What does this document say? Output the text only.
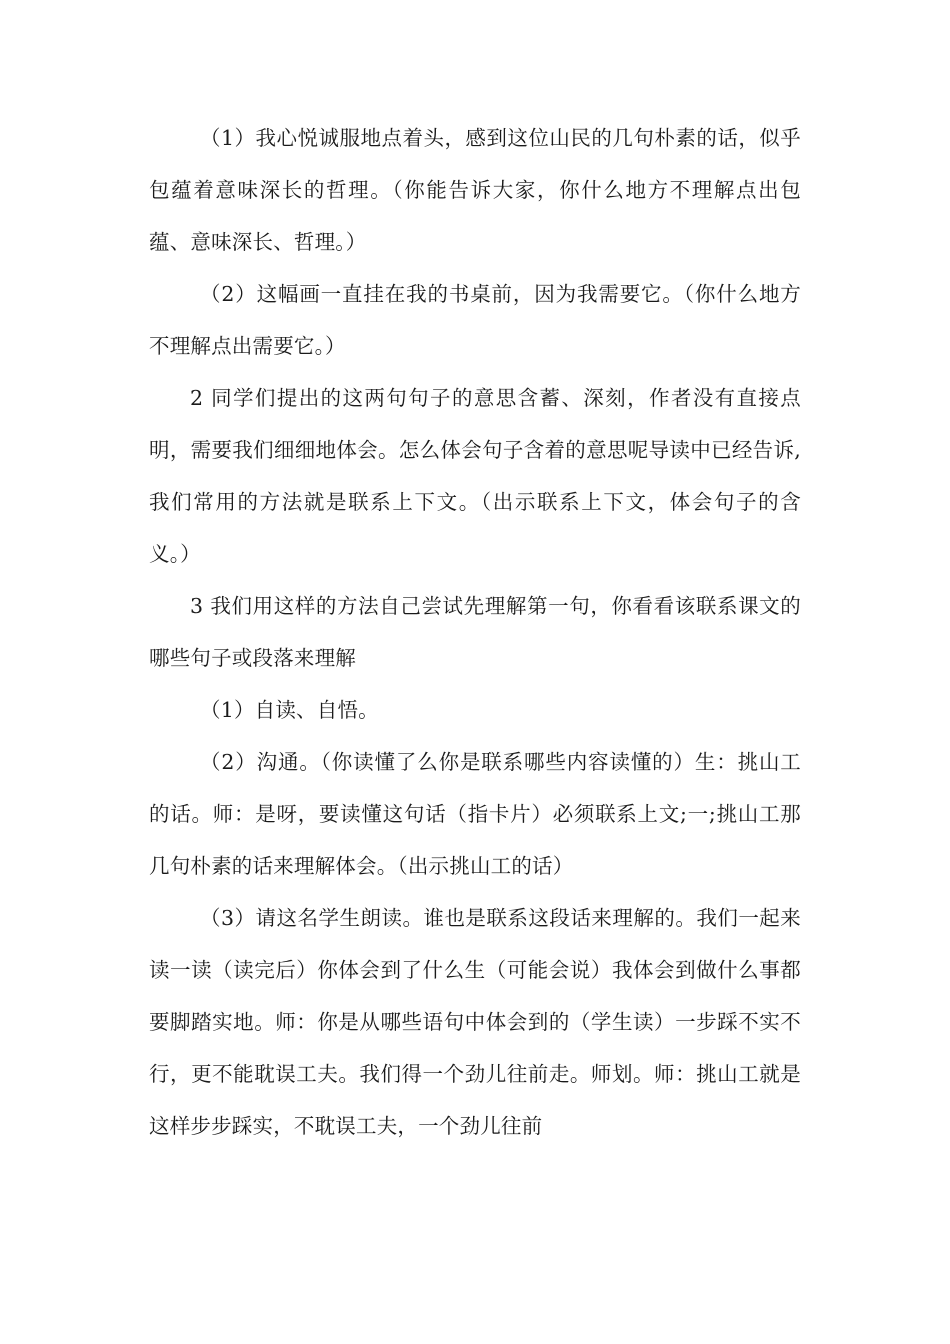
（1）我心悦诚服地点着头，感到这位山民的几句朴素的话，似乎包蕴着意味深长的哲理。（你能告诉大家，你什么地方不理解点出包蕴、意味深长、哲理。）

（2）这幅画一直挂在我的书桌前，因为我需要它。（你什么地方不理解点出需要它。）

2 同学们提出的这两句句子的意思含蓄、深刻，作者没有直接点明，需要我们细细地体会。怎么体会句子含着的意思呢导读中已经告诉,我们常用的方法就是联系上下文。（出示联系上下文，体会句子的含义。）

3 我们用这样的方法自己尝试先理解第一句，你看看该联系课文的哪些句子或段落来理解

（1）自读、自悟。

（2）沟通。（你读懂了么你是联系哪些内容读懂的）生：挑山工的话。师：是呀，要读懂这句话（指卡片）必须联系上文;一;挑山工那几句朴素的话来理解体会。（出示挑山工的话）

（3）请这名学生朗读。谁也是联系这段话来理解的。我们一起来读一读（读完后）你体会到了什么生（可能会说）我体会到做什么事都要脚踏实地。师：你是从哪些语句中体会到的（学生读）一步踩不实不行，更不能耽误工夫。我们得一个劲儿往前走。师划。师：挑山工就是这样步步踩实，不耽误工夫，一个劲儿往前
